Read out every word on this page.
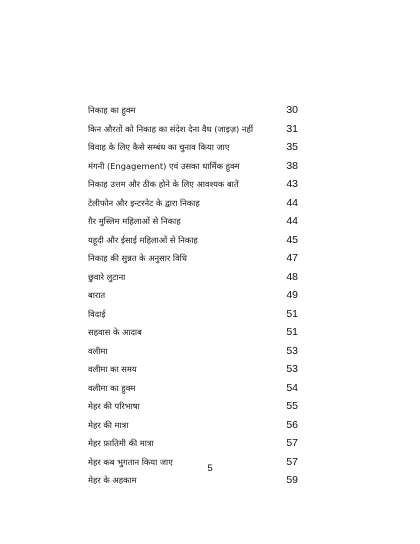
निकाह का हुक्म	30
किन औरतों को निकाह का संदेश देना वैध (जाइज़) नहीं	31
विवाह के लिए कैसे सम्बंध का चुनाव किया जाए	35
मंगनी (Engagement) एवं उसका धार्मिक हुक्म	38
निकाह उत्तम और ठीक होने के लिए आवश्यक बातें	43
टेलीफोन और इन्टरनेट के द्वारा निकाह	44
ग़ैर मुस्लिम महिलाओं से निकाह	44
यहूदी और ईसाई महिलाओं से निकाह	45
निकाह की सुन्नत के अनुसार विधि	47
छुवारे लुटाना	48
बारात	49
विदाई	51
सहवास के आदाब	51
वलीमा	53
वलीमा का समय	53
वलीमा का हुक्म	54
मेहर की परिभाषा	55
मेहर की मात्रा	56
मेहर फ़ातिमी की मात्रा	57
मेहर कब भुगतान किया जाए	57
मेहर के अहकाम	59
5
